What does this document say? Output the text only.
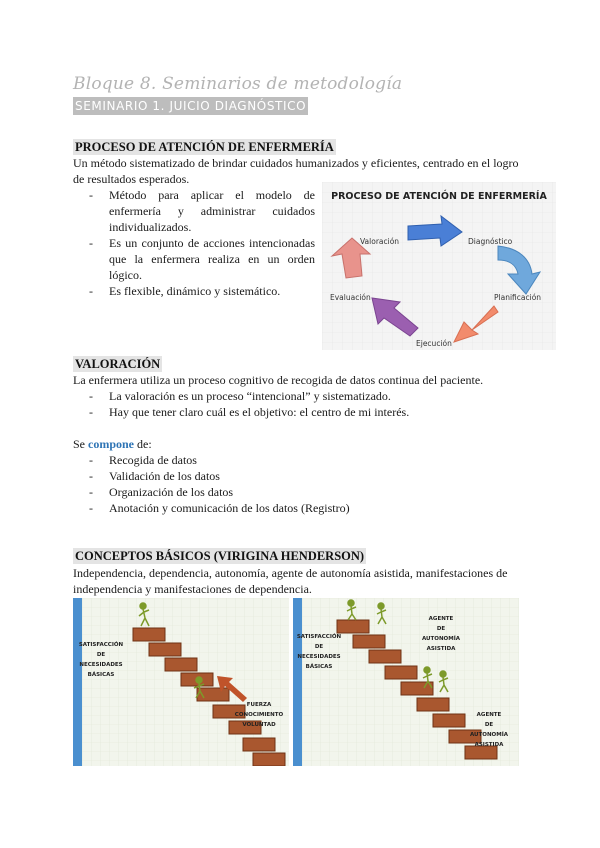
Bloque 8. Seminarios de metodología
SEMINARIO 1. JUICIO DIAGNÓSTICO
PROCESO DE ATENCIÓN DE ENFERMERÍA
Un método sistematizado de brindar cuidados humanizados y eficientes, centrado en el logro
de resultados esperados.
- Método para aplicar el modelo de enfermería y administrar cuidados individualizados.
- Es un conjunto de acciones intencionadas que la enfermera realiza en un orden lógico.
- Es flexible, dinámico y sistemático.
PROCESO DE ATENCIÓN DE ENFERMERÍA
Valoración	Diagnóstico
Planificación
Ejecución
Evaluación
VALORACIÓN
La enfermera utiliza un proceso cognitivo de recogida de datos continua del paciente.
- La valoración es un proceso “intencional” y sistematizado.
- Hay que tener claro cuál es el objetivo: el centro de mi interés.
Se compone de:
- Recogida de datos
- Validación de los datos
- Organización de los datos
- Anotación y comunicación de los datos (Registro)
CONCEPTOS BÁSICOS (VIRIGINA HENDERSON)
Independencia, dependencia, autonomía, agente de autonomía asistida, manifestaciones de
independencia y manifestaciones de dependencia.
SATISFACCIÓN
DE
NECESIDADES
BÁSICAS
FUERZA
CONOCIMIENTO
VOLUNTAD
SATISFACCIÓN
DE
NECESIDADES
BÁSICAS
AGENTE
DE
AUTONOMÍA
ASISTIDA
AGENTE
DE
AUTONOMÍA
ASISTIDA
